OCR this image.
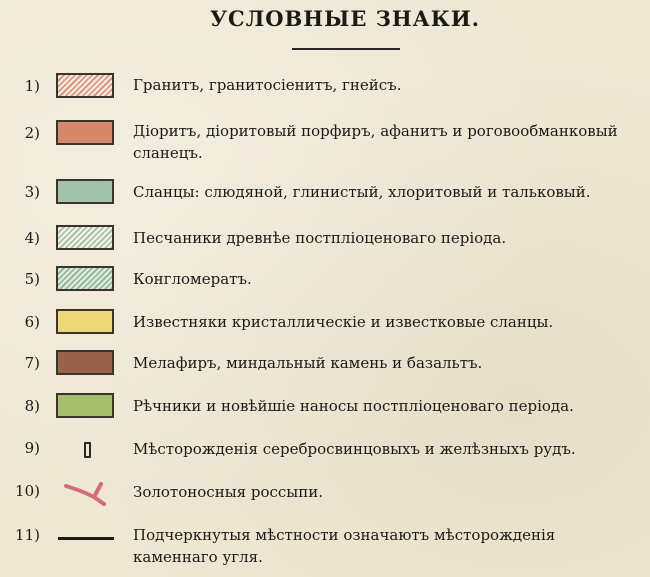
УСЛОВНЫЕ ЗНАКИ.
1)	Гранитъ, гранитосіенитъ, гнейсъ.
2)	Діоритъ, діоритовый порфиръ, афанитъ и роговообманковый сланецъ.
3)	Сланцы: слюдяной, глинистый, хлоритовый и тальковый.
4)	Песчаники древнѣе постпліоценоваго періода.
5)	Конгломератъ.
6)	Известняки кристаллическіе и известковые сланцы.
7)	Мелафиръ, миндальный камень и базальтъ.
8)	Рѣчники и новѣйшіе наносы постпліоценоваго періода.
9)	Мѣсторожденія серебросвинцовыхъ и желѣзныхъ рудъ.
10)	Золотоносныя россыпи.
11)	Подчеркнутыя мѣстности означаютъ мѣсторожденія каменнаго угля.
